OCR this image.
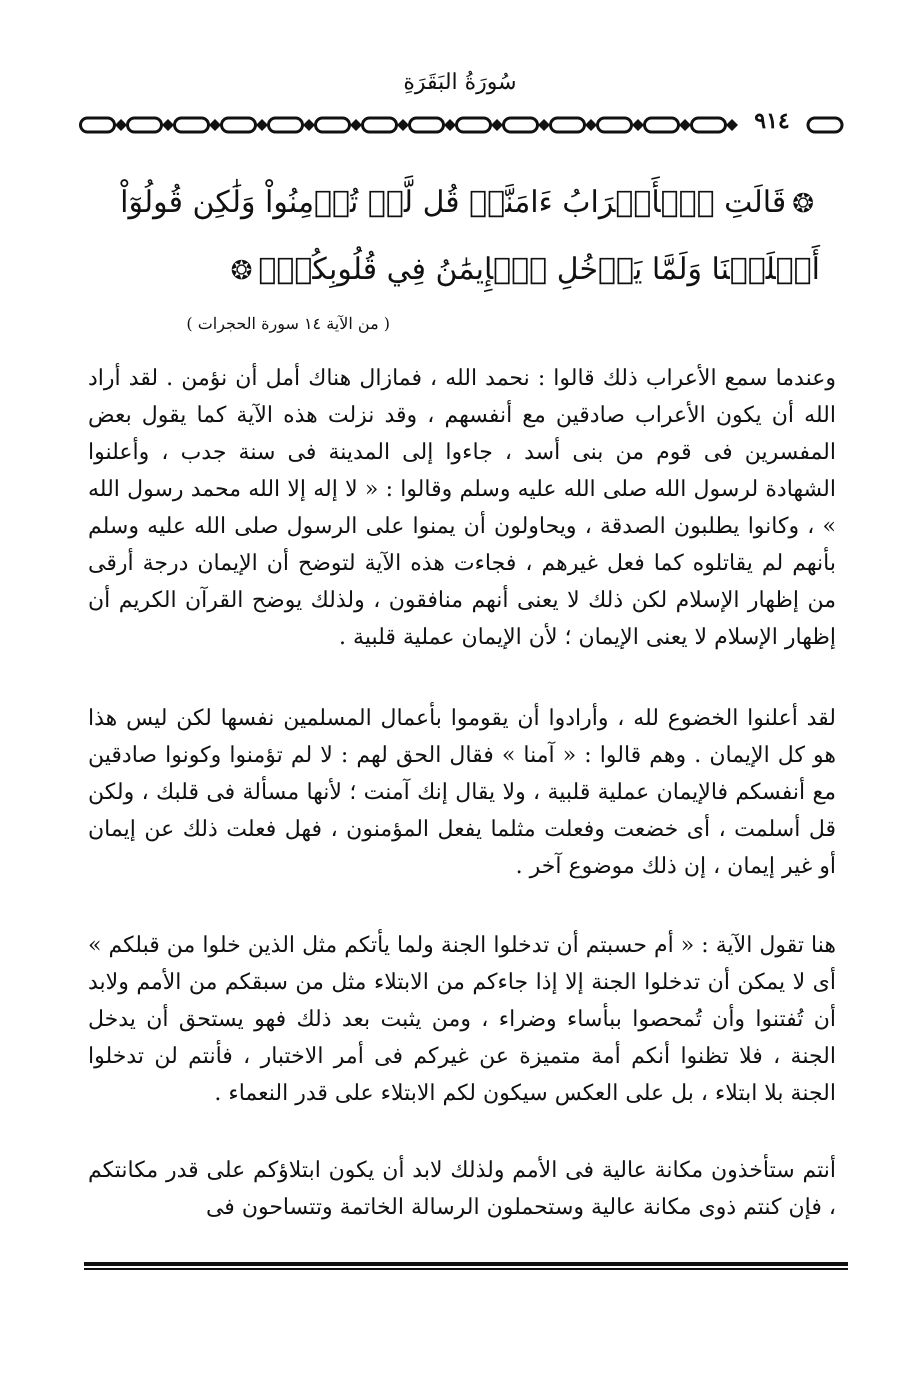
سُورَةُ البَقَرَةِ
٩١٤
❂قَالَتِ ٱلۡأَعۡرَابُ ءَامَنَّاۖ قُل لَّمۡ تُؤۡمِنُواْ وَلَٰكِن قُولُوٓاْ أَسۡلَمۡنَا وَلَمَّا يَدۡخُلِ ٱلۡإِيمَٰنُ فِي قُلُوبِكُمۡۖ❂
( من الآية ١٤ سورة الحجرات )

وعندما سمع الأعراب ذلك قالوا : نحمد الله ، فمازال هناك أمل أن نؤمن . لقد أراد الله أن يكون الأعراب صادقين مع أنفسهم ، وقد نزلت هذه الآية كما يقول بعض المفسرين فى قوم من بنى أسد ، جاءوا إلى المدينة فى سنة جدب ، وأعلنوا الشهادة لرسول الله صلى الله عليه وسلم وقالوا : « لا إله إلا الله محمد رسول الله » ، وكانوا يطلبون الصدقة ، ويحاولون أن يمنوا على الرسول صلى الله عليه وسلم بأنهم لم يقاتلوه كما فعل غيرهم ، فجاءت هذه الآية لتوضح أن الإيمان درجة أرقى من إظهار الإسلام لكن ذلك لا يعنى أنهم منافقون ، ولذلك يوضح القرآن الكريم أن إظهار الإسلام لا يعنى الإيمان ؛ لأن الإيمان عملية قلبية .

لقد أعلنوا الخضوع لله ، وأرادوا أن يقوموا بأعمال المسلمين نفسها لكن ليس هذا هو كل الإيمان . وهم قالوا : « آمنا » فقال الحق لهم : لا لم تؤمنوا وكونوا صادقين مع أنفسكم فالإيمان عملية قلبية ، ولا يقال إنك آمنت ؛ لأنها مسألة فى قلبك ، ولكن قل أسلمت ، أى خضعت وفعلت مثلما يفعل المؤمنون ، فهل فعلت ذلك عن إيمان أو غير إيمان ، إن ذلك موضوع آخر .

هنا تقول الآية : « أم حسبتم أن تدخلوا الجنة ولما يأتكم مثل الذين خلوا من قبلكم » أى لا يمكن أن تدخلوا الجنة إلا إذا جاءكم من الابتلاء مثل من سبقكم من الأمم ولابد أن تُفتنوا وأن تُمحصوا ببأساء وضراء ، ومن يثبت بعد ذلك فهو يستحق أن يدخل الجنة ، فلا تظنوا أنكم أمة متميزة عن غيركم فى أمر الاختبار ، فأنتم لن تدخلوا الجنة بلا ابتلاء ، بل على العكس سيكون لكم الابتلاء على قدر النعماء .

أنتم ستأخذون مكانة عالية فى الأمم ولذلك لابد أن يكون ابتلاؤكم على قدر مكانتكم ، فإن كنتم ذوى مكانة عالية وستحملون الرسالة الخاتمة وتتساحون فى
